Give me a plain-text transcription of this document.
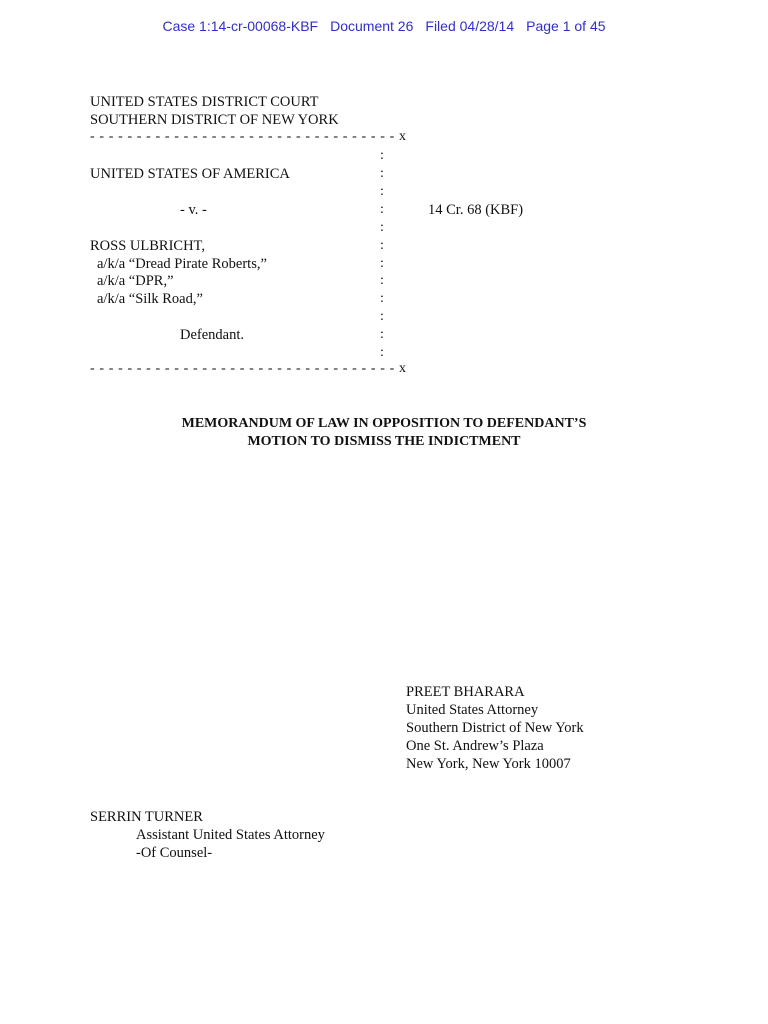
Case 1:14-cr-00068-KBF Document 26 Filed 04/28/14 Page 1 of 45
UNITED STATES DISTRICT COURT
SOUTHERN DISTRICT OF NEW YORK
- - - - - - - - - - - - - - - - - - - - - - - - - - - - - - - - - x
- - - - - - - - - - - - - - - - - - - - - - - - - - - - - - - - - x
:
:
:
:
:
:
:
:
:
:
:
:
UNITED STATES OF AMERICA
- v. -	14 Cr. 68 (KBF)
ROSS ULBRICHT,
a/k/a “Dread Pirate Roberts,”
a/k/a “DPR,”
a/k/a “Silk Road,”
Defendant.
MEMORANDUM OF LAW IN OPPOSITION TO DEFENDANT’S
MOTION TO DISMISS THE INDICTMENT
PREET BHARARA
United States Attorney
Southern District of New York
One St. Andrew’s Plaza
New York, New York 10007
SERRIN TURNER
Assistant United States Attorney
-Of Counsel-
